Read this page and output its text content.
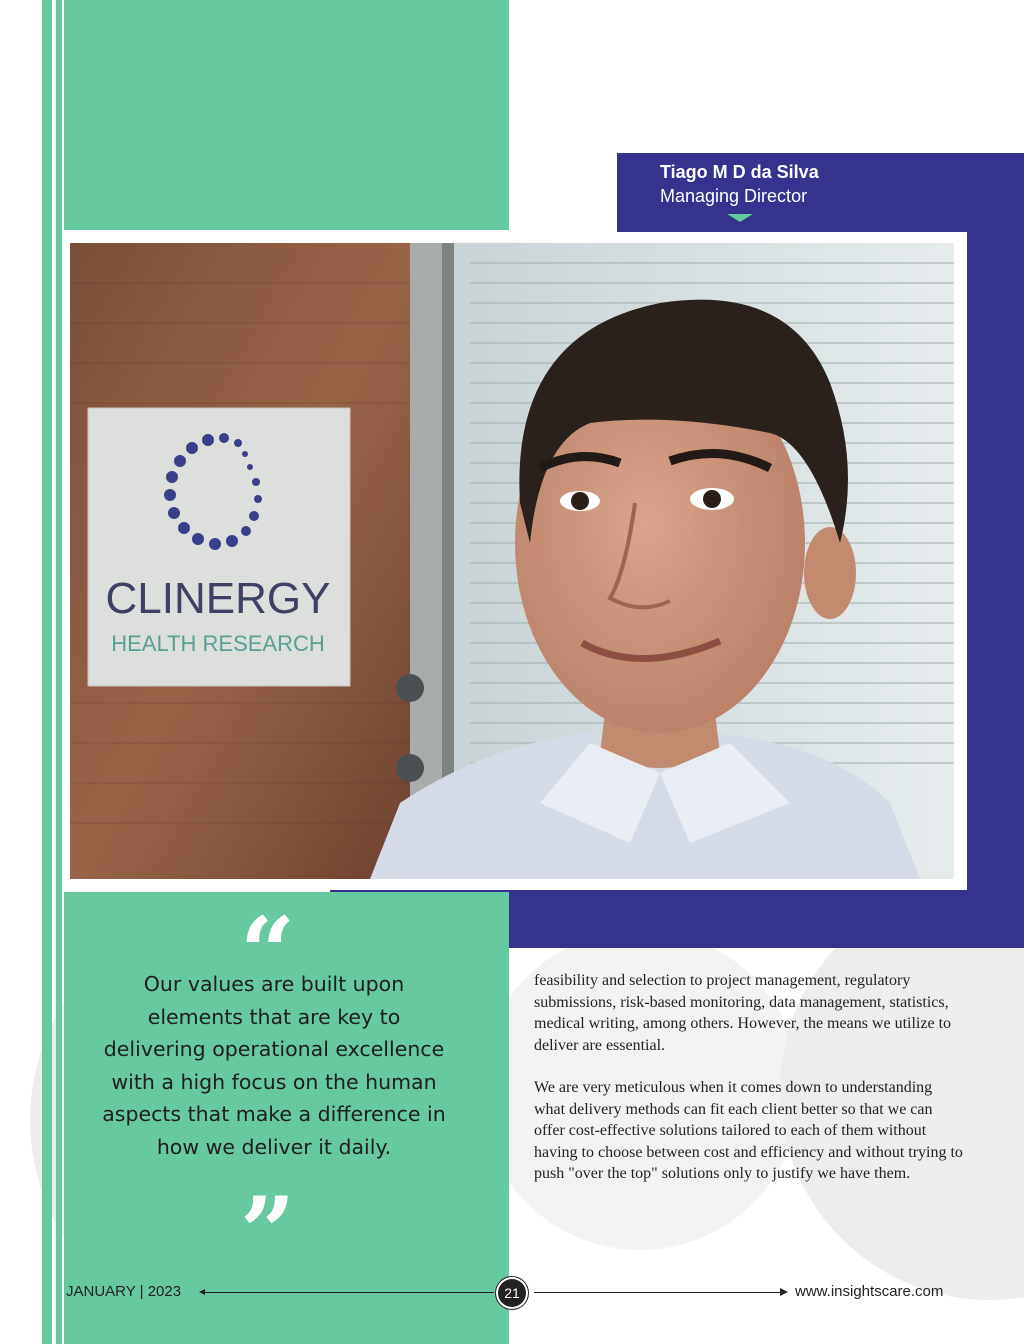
Tiago M D da Silva
Managing Director
CLINERGY
HEALTH RESEARCH
“
Our values are built upon elements that are key to delivering operational excellence with a high focus on the human aspects that make a difference in how we deliver it daily.
”

feasibility and selection to project management, regulatory submissions, risk-based monitoring, data management, statistics, medical writing, among others. However, the means we utilize to deliver are essential.

We are very meticulous when it comes down to understanding what delivery methods can fit each client better so that we can offer cost-effective solutions tailored to each of them without having to choose between cost and efficiency and without trying to push "over the top" solutions only to justify we have them.

JANUARY | 2023	21	www.insightscare.com
